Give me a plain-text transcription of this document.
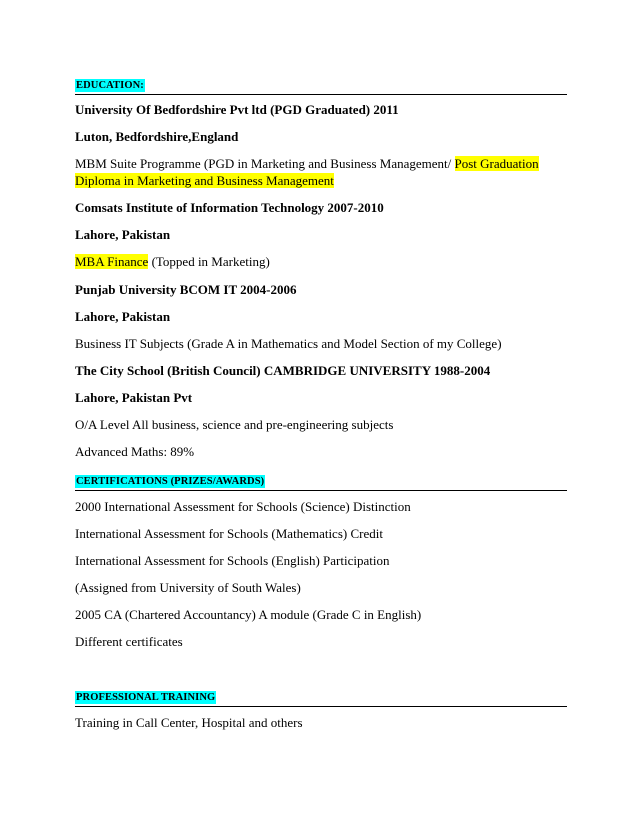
EDUCATION:
University Of Bedfordshire Pvt ltd (PGD Graduated) 2011
Luton, Bedfordshire,England
MBM Suite Programme (PGD in Marketing and Business Management/ Post Graduation
Diploma in Marketing and Business Management
Comsats Institute of Information Technology 2007-2010
Lahore, Pakistan
MBA Finance (Topped in Marketing)
Punjab University BCOM IT 2004-2006
Lahore, Pakistan
Business IT Subjects (Grade A in Mathematics and Model Section of my College)
The City School (British Council) CAMBRIDGE UNIVERSITY 1988-2004
Lahore, Pakistan Pvt
O/A Level All business, science and pre-engineering subjects
Advanced Maths: 89%
CERTIFICATIONS (PRIZES/AWARDS)
2000 International Assessment for Schools (Science) Distinction
International Assessment for Schools (Mathematics) Credit
International Assessment for Schools (English) Participation
(Assigned from University of South Wales)
2005 CA (Chartered Accountancy) A module (Grade C in English)
Different certificates
PROFESSIONAL TRAINING
Training in Call Center, Hospital and others
